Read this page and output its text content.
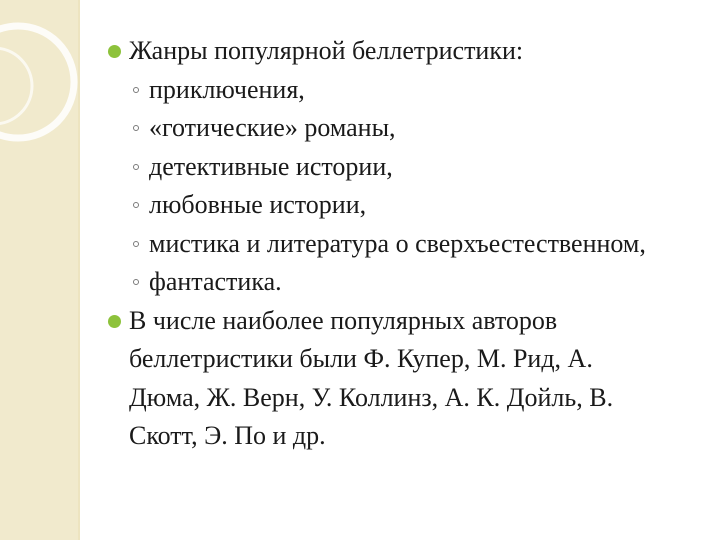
Жанры популярной беллетристики:
приключения,
«готические» романы,
детективные истории,
любовные истории,
мистика и литература о сверхъестественном,
фантастика.
В числе наиболее популярных авторов
беллетристики были Ф. Купер, М. Рид, А.
Дюма, Ж. Верн, У. Коллинз, А. К. Дойль, В.
Скотт, Э. По и др.
